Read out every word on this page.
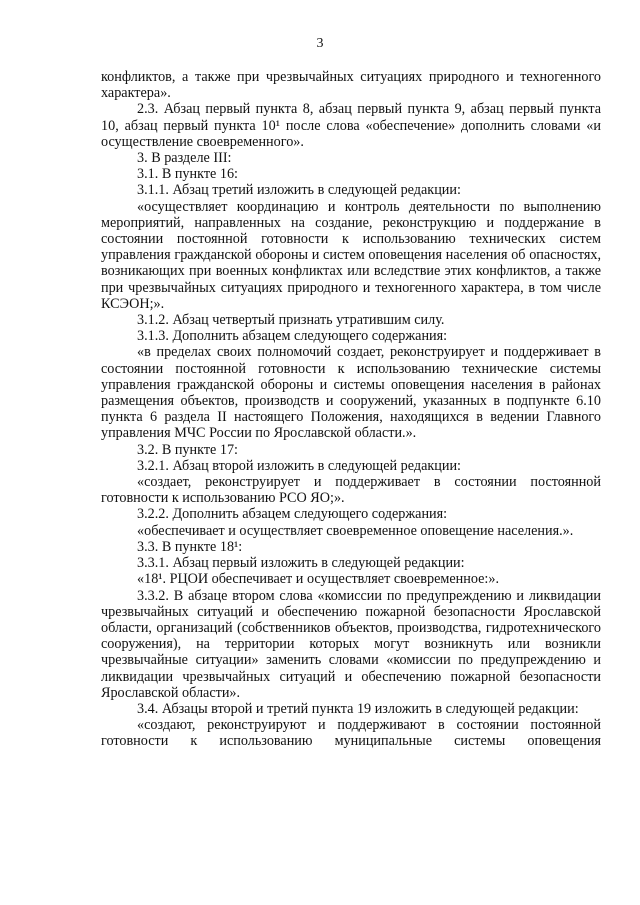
3

конфликтов, а также при чрезвычайных ситуациях природного и техногенного характера».

2.3. Абзац первый пункта 8, абзац первый пункта 9, абзац первый пункта 10, абзац первый пункта 10¹ после слова «обеспечение» дополнить словами «и осуществление своевременного».

3. В разделе III:

3.1. В пункте 16:

3.1.1. Абзац третий изложить в следующей редакции:

«осуществляет координацию и контроль деятельности по выполнению мероприятий, направленных на создание, реконструкцию и поддержание в состоянии постоянной готовности к использованию технических систем управления гражданской обороны и систем оповещения населения об опасностях, возникающих при военных конфликтах или вследствие этих конфликтов, а также при чрезвычайных ситуациях природного и техногенного характера, в том числе КСЭОН;».

3.1.2. Абзац четвертый признать утратившим силу.

3.1.3. Дополнить абзацем следующего содержания:

«в пределах своих полномочий создает, реконструирует и поддерживает в состоянии постоянной готовности к использованию технические системы управления гражданской обороны и системы оповещения населения в районах размещения объектов, производств и сооружений, указанных в подпункте 6.10 пункта 6 раздела II настоящего Положения, находящихся в ведении Главного управления МЧС России по Ярославской области.».

3.2. В пункте 17:

3.2.1. Абзац второй изложить в следующей редакции:

«создает, реконструирует и поддерживает в состоянии постоянной готовности к использованию РСО ЯО;».

3.2.2. Дополнить абзацем следующего содержания:

«обеспечивает и осуществляет своевременное оповещение населения.».

3.3. В пункте 18¹:

3.3.1. Абзац первый изложить в следующей редакции:

«18¹. РЦОИ обеспечивает и осуществляет своевременное:».

3.3.2. В абзаце втором слова «комиссии по предупреждению и ликвидации чрезвычайных ситуаций и обеспечению пожарной безопасности Ярославской области, организаций (собственников объектов, производства, гидротехнического сооружения), на территории которых могут возникнуть или возникли чрезвычайные ситуации» заменить словами «комиссии по предупреждению и ликвидации чрезвычайных ситуаций и обеспечению пожарной безопасности Ярославской области».

3.4. Абзацы второй и третий пункта 19 изложить в следующей редакции:

«создают, реконструируют и поддерживают в состоянии постоянной готовности к использованию муниципальные системы оповещения
